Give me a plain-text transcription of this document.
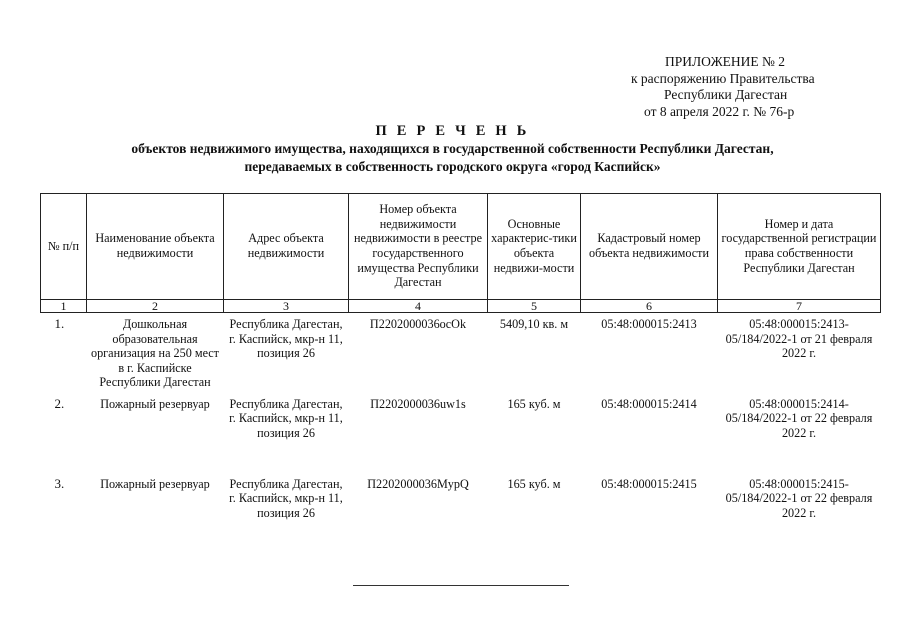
ПРИЛОЖЕНИЕ № 2
к распоряжению Правительства
Республики Дагестан
от 8 апреля 2022 г. № 76-р
П Е Р Е Ч Е Н Ь
объектов недвижимого имущества, находящихся в государственной собственности Республики Дагестан,
передаваемых в собственность городского округа «город Каспийск»
№ п/п	Наименование объекта недвижимости	Адрес объекта недвижимости	Номер объекта недвижимости недвижимости в реестре государственного имущества Республики Дагестан	Основные характерис-тики объекта недвижи-мости	Кадастровый номер объекта недвижимости	Номер и дата государственной регистрации права собственности Республики Дагестан
1	2	3	4	5	6	7
1.	Дошкольная образовательная организация на 250 мест в г. Каспийске Республики Дагестан	Республика Дагестан, г. Каспийск, мкр-н 11, позиция 26	П2202000036ocOk	5409,10 кв. м	05:48:000015:2413	05:48:000015:2413-05/184/2022-1 от 21 февраля 2022 г.
2.	Пожарный резервуар	Республика Дагестан, г. Каспийск, мкр-н 11, позиция 26	П2202000036uw1s	165 куб. м	05:48:000015:2414	05:48:000015:2414-05/184/2022-1 от 22 февраля 2022 г.
3.	Пожарный резервуар	Республика Дагестан, г. Каспийск, мкр-н 11, позиция 26	П2202000036MypQ	165 куб. м	05:48:000015:2415	05:48:000015:2415-05/184/2022-1 от 22 февраля 2022 г.
